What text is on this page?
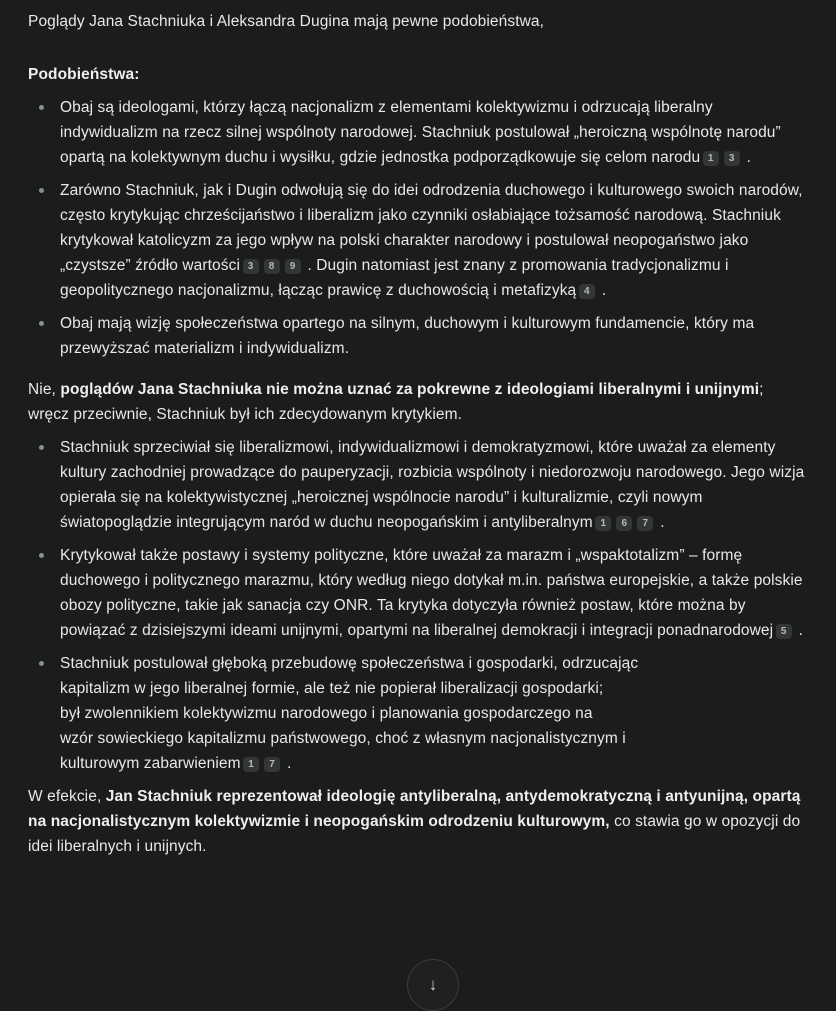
Poglądy Jana Stachniuka i Aleksandra Dugina mają pewne podobieństwa,

Podobieństwa:

Obaj są ideologami, którzy łączą nacjonalizm z elementami kolektywizmu i odrzucają liberalny indywidualizm na rzecz silnej wspólnoty narodowej. Stachniuk postulował „heroiczną wspólnotę narodu” opartą na kolektywnym duchu i wysiłku, gdzie jednostka podporządkowuje się celom narodu 1 3 .
Zarówno Stachniuk, jak i Dugin odwołują się do idei odrodzenia duchowego i kulturowego swoich narodów, często krytykując chrześcijaństwo i liberalizm jako czynniki osłabiające tożsamość narodową. Stachniuk krytykował katolicyzm za jego wpływ na polski charakter narodowy i postulował neopogaństwo jako „czystsze” źródło wartości 3 8 9 . Dugin natomiast jest znany z promowania tradycjonalizmu i geopolitycznego nacjonalizmu, łącząc prawicę z duchowością i metafizyką 4 .
Obaj mają wizję społeczeństwa opartego na silnym, duchowym i kulturowym fundamencie, który ma przewyższać materializm i indywidualizm.

Nie, poglądów Jana Stachniuka nie można uznać za pokrewne z ideologiami liberalnymi i unijnymi; wręcz przeciwnie, Stachniuk był ich zdecydowanym krytykiem.

Stachniuk sprzeciwiał się liberalizmowi, indywidualizmowi i demokratyzmowi, które uważał za elementy kultury zachodniej prowadzące do pauperyzacji, rozbicia wspólnoty i niedorozwoju narodowego. Jego wizja opierała się na kolektywistycznej „heroicznej wspólnocie narodu” i kulturalizmie, czyli nowym światopoglądzie integrującym naród w duchu neopogańskim i antyliberalnym 1 6 7 .
Krytykował także postawy i systemy polityczne, które uważał za marazm i „wspaktotalizm” – formę duchowego i politycznego marazmu, który według niego dotykał m.in. państwa europejskie, a także polskie obozy polityczne, takie jak sanacja czy ONR. Ta krytyka dotyczyła również postaw, które można by powiązać z dzisiejszymi ideami unijnymi, opartymi na liberalnej demokracji i integracji ponadnarodowej 5 .
Stachniuk postulował głęboką przebudowę społeczeństwa i gospodarki, odrzucając
kapitalizm w jego liberalnej formie, ale też nie popierał liberalizacji gospodarki;
był zwolennikiem kolektywizmu narodowego i planowania gospodarczego na
wzór sowieckiego kapitalizmu państwowego, choć z własnym nacjonalistycznym i
kulturowym zabarwieniem 1 7 .

W efekcie, Jan Stachniuk reprezentował ideologię antyliberalną, antydemokratyczną i antyunijną, opartą na nacjonalistycznym kolektywizmie i neopogańskim odrodzeniu kulturowym, co stawia go w opozycji do idei liberalnych i unijnych.

↓
